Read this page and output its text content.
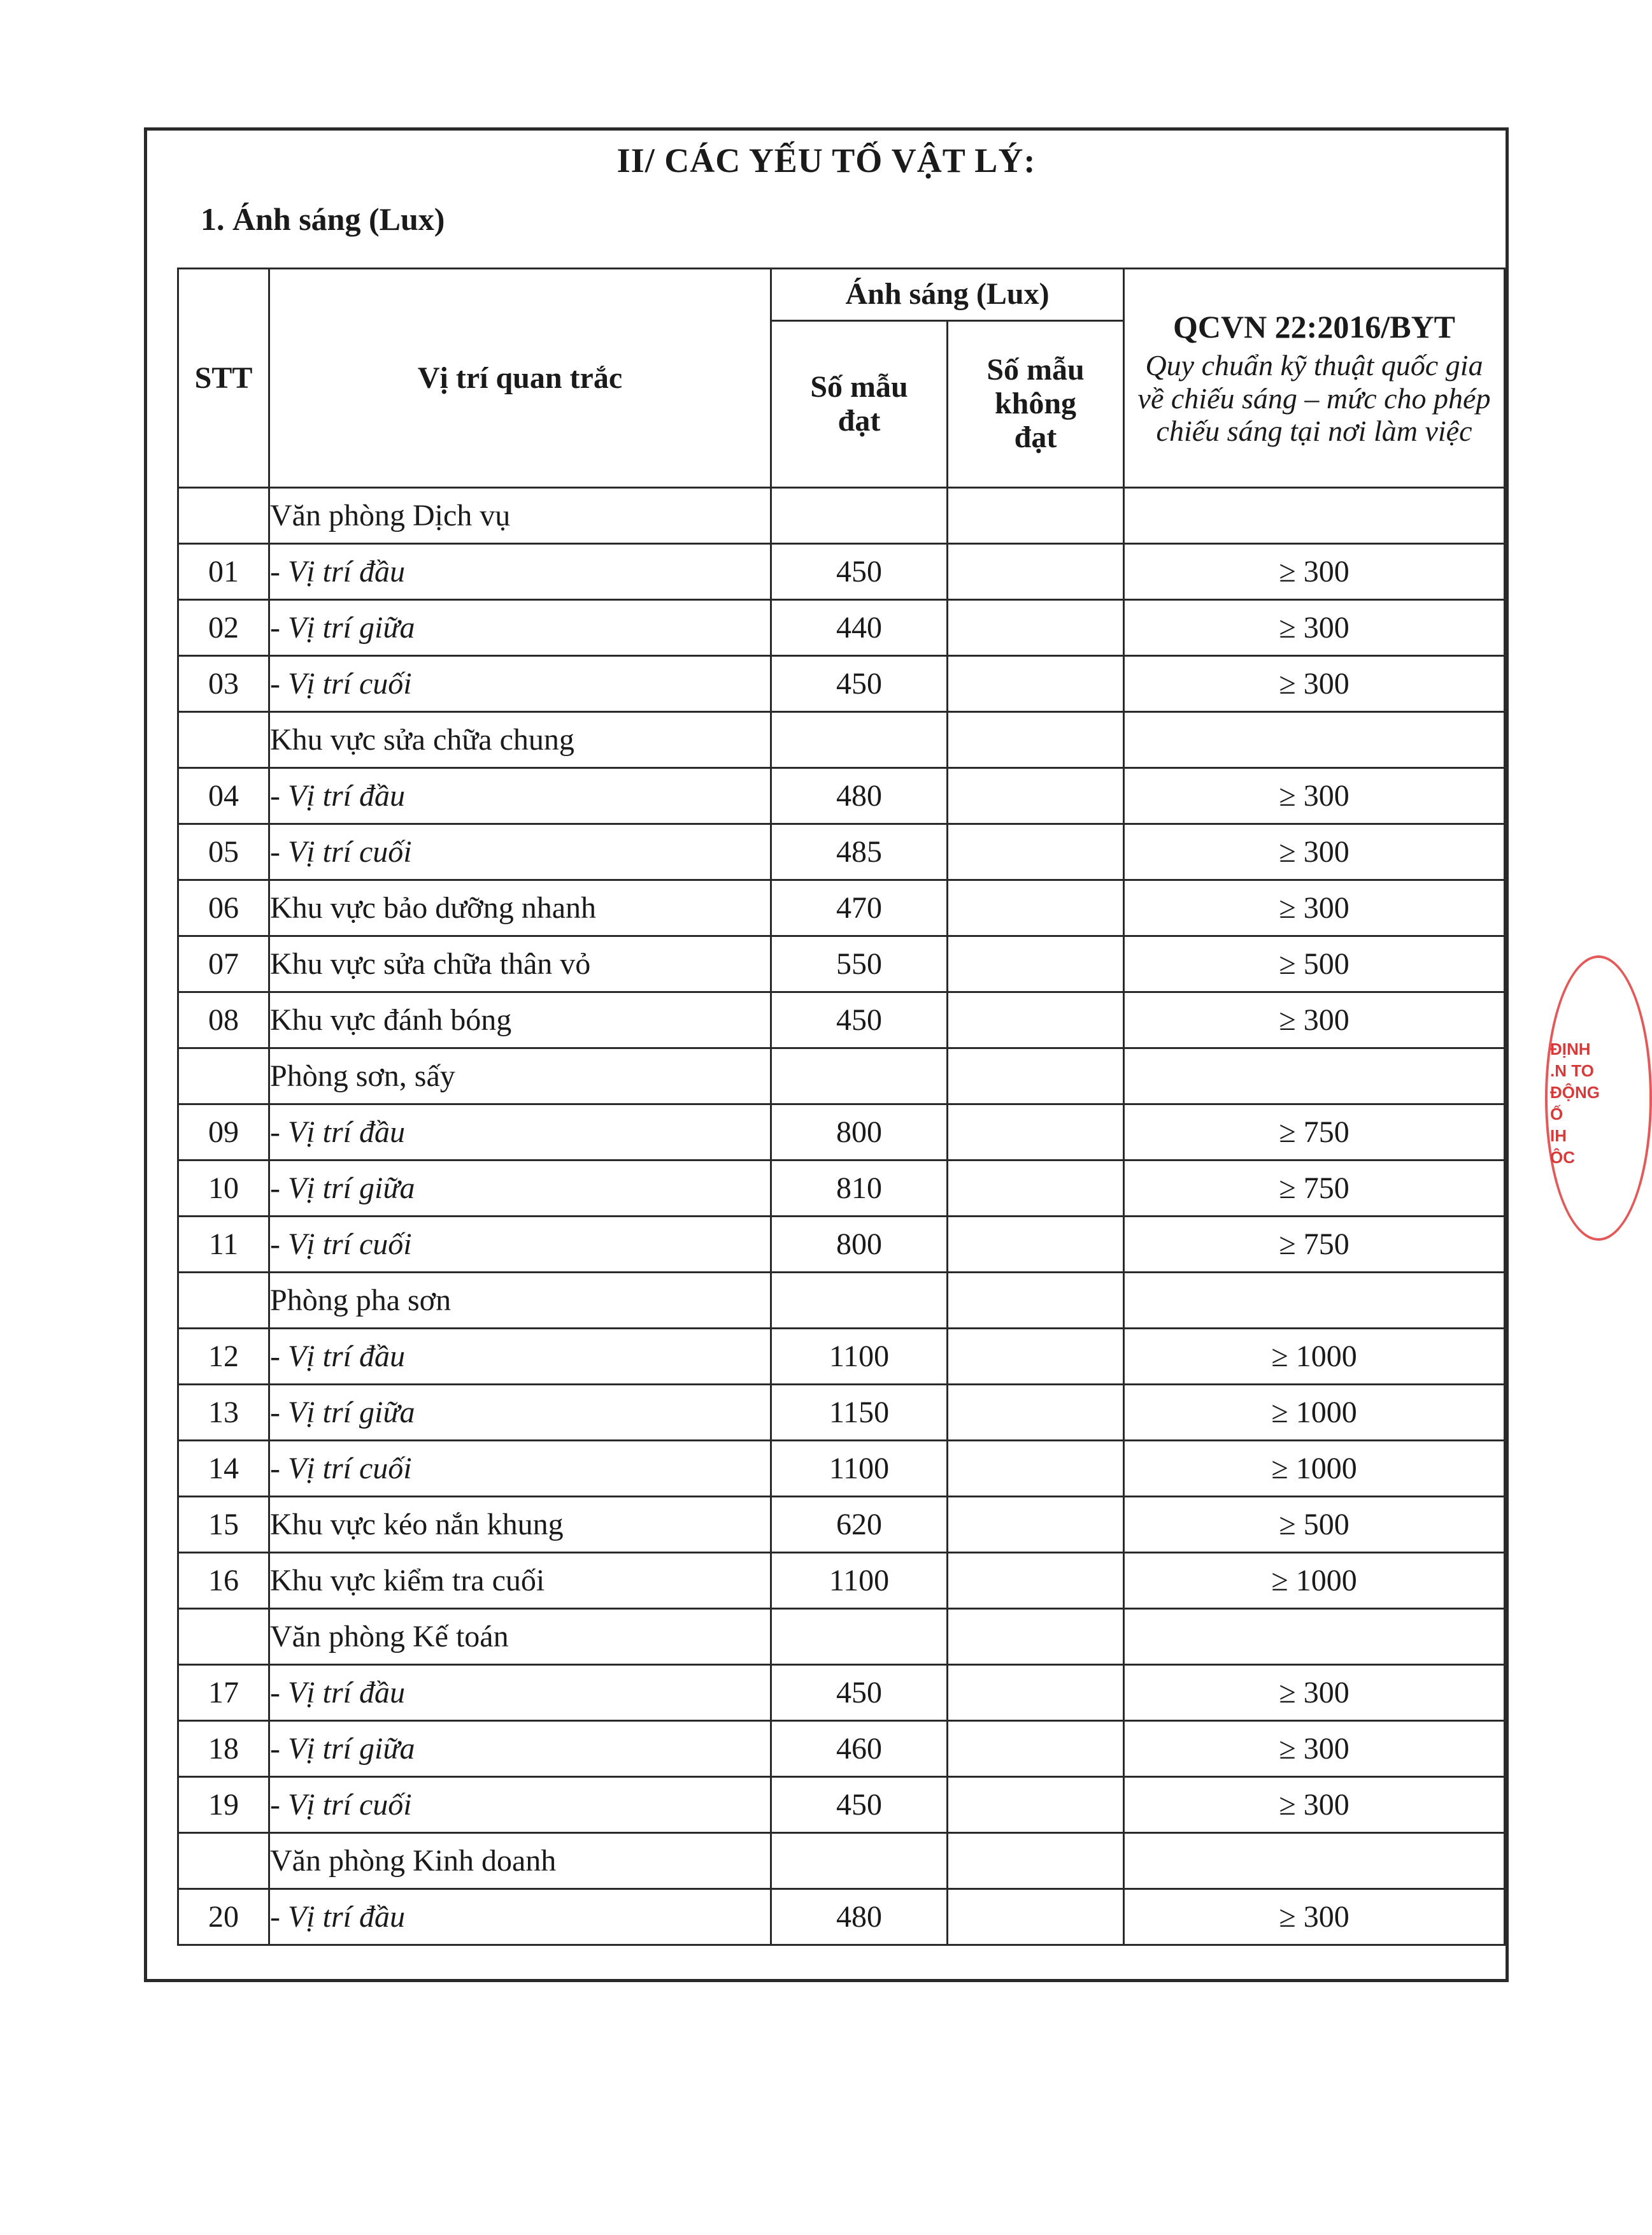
II/ CÁC YẾU TỐ VẬT LÝ:
1. Ánh sáng (Lux)
STT	Vị trí quan trắc	Ánh sáng (Lux)		QCVN 22:2016/BYT
Quy chuẩn kỹ thuật quốc gia về chiếu sáng – mức cho phép chiếu sáng tại nơi làm việc

		Số mẫu đạt	Số mẫu không đạt	
	Văn phòng Dịch vụ			
01	- Vị trí đầu	450		≥ 300
02	- Vị trí giữa	440		≥ 300
03	- Vị trí cuối	450		≥ 300
	Khu vực sửa chữa chung			
04	- Vị trí đầu	480		≥ 300
05	- Vị trí cuối	485		≥ 300
06	Khu vực bảo dưỡng nhanh	470		≥ 300
07	Khu vực sửa chữa thân vỏ	550		≥ 500
08	Khu vực đánh bóng	450		≥ 300
	Phòng sơn, sấy			
09	- Vị trí đầu	800		≥ 750
10	- Vị trí giữa	810		≥ 750
11	- Vị trí cuối	800		≥ 750
	Phòng pha sơn			
12	- Vị trí đầu	1100		≥ 1000
13	- Vị trí giữa	1150		≥ 1000
14	- Vị trí cuối	1100		≥ 1000
15	Khu vực kéo nắn khung	620		≥ 500
16	Khu vực kiểm tra cuối	1100		≥ 1000
	Văn phòng Kế toán			
17	- Vị trí đầu	450		≥ 300
18	- Vị trí giữa	460		≥ 300
19	- Vị trí cuối	450		≥ 300
	Văn phòng Kinh doanh			
20	- Vị trí đầu	480		≥ 300
ĐỊNH
.N TO
ĐỘNG
Ố
IH
ÔC
